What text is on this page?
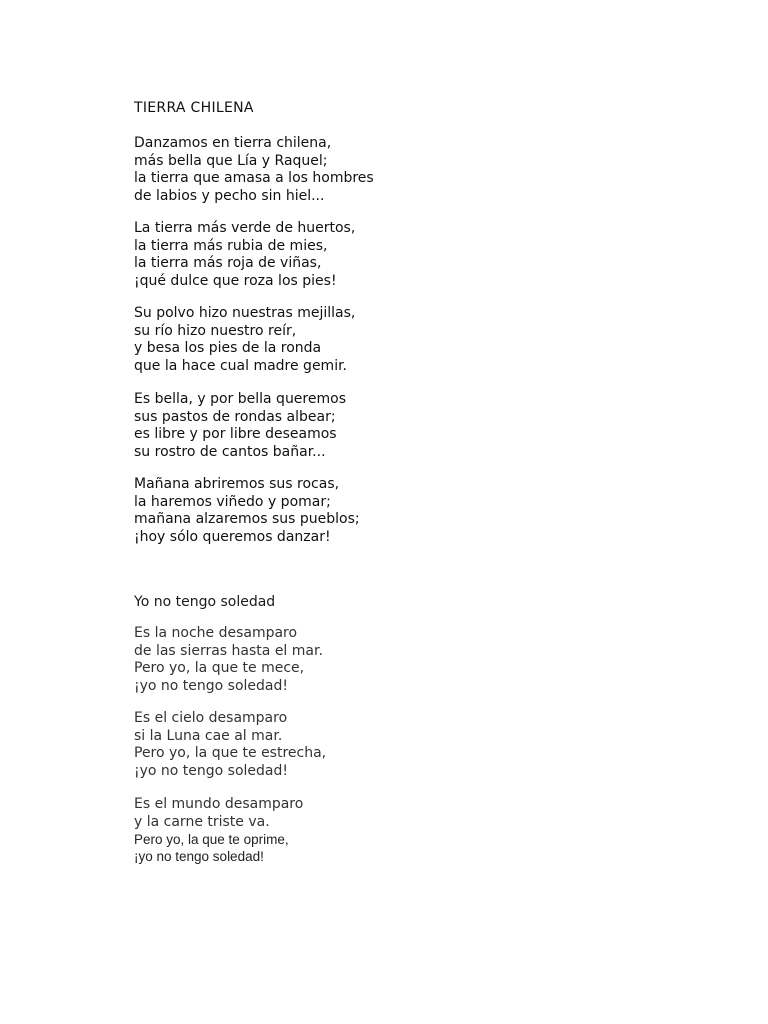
TIERRA CHILENA
Danzamos en tierra chilena,
más bella que Lía y Raquel;
la tierra que amasa a los hombres
de labios y pecho sin hiel...
La tierra más verde de huertos,
la tierra más rubia de mies,
la tierra más roja de viñas,
¡qué dulce que roza los pies!
Su polvo hizo nuestras mejillas,
su río hizo nuestro reír,
y besa los pies de la ronda
que la hace cual madre gemir.
Es bella, y por bella queremos
sus pastos de rondas albear;
es libre y por libre deseamos
su rostro de cantos bañar...
Mañana abriremos sus rocas,
la haremos viñedo y pomar;
mañana alzaremos sus pueblos;
¡hoy sólo queremos danzar!
Yo no tengo soledad
Es la noche desamparo
de las sierras hasta el mar.
Pero yo, la que te mece,
¡yo no tengo soledad!
Es el cielo desamparo
si la Luna cae al mar.
Pero yo, la que te estrecha,
¡yo no tengo soledad!
Es el mundo desamparo
y la carne triste va.
Pero yo, la que te oprime,
¡yo no tengo soledad!
